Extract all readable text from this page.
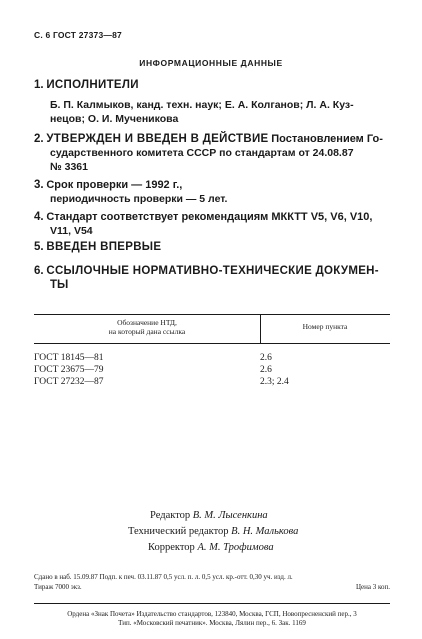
С. 6 ГОСТ 27373—87
ИНФОРМАЦИОННЫЕ ДАННЫЕ
1. ИСПОЛНИТЕЛИ
Б. П. Калмыков, канд. техн. наук; Е. А. Колганов; Л. А. Куз-
нецов; О. И. Мученикова
2. УТВЕРЖДЕН И ВВЕДЕН В ДЕЙСТВИЕ Постановлением Го-
сударственного комитета СССР по стандартам от 24.08.87
№ 3361
3. Срок проверки — 1992 г.,
периодичность проверки — 5 лет.
4. Стандарт соответствует рекомендациям МККТТ V5, V6, V10,
V11, V54
5. ВВЕДЕН ВПЕРВЫЕ
6. ССЫЛОЧНЫЕ НОРМАТИВНО-ТЕХНИЧЕСКИЕ ДОКУМЕН-
ТЫ
Обозначение НТД,
на который дана ссылка
Номер пункта
ГОСТ 18145—81	2.6
ГОСТ 23675—79	2.6
ГОСТ 27232—87	2.3; 2.4
Редактор В. М. Лысенкина
Технический редактор В. Н. Малькова
Корректор А. М. Трофимова
Сдано в наб. 15.09.87 Подп. к печ. 03.11.87 0,5 усл. п. л. 0,5 усл. кр.-отт. 0,30 уч. изд. л.
Тираж 7000 экз.	Цена 3 коп.
Ордена «Знак Почета» Издательство стандартов, 123840, Москва, ГСП, Новопресненский пер., 3
Тип. «Московский печатник». Москва, Лялин пер., 6. Зак. 1169
